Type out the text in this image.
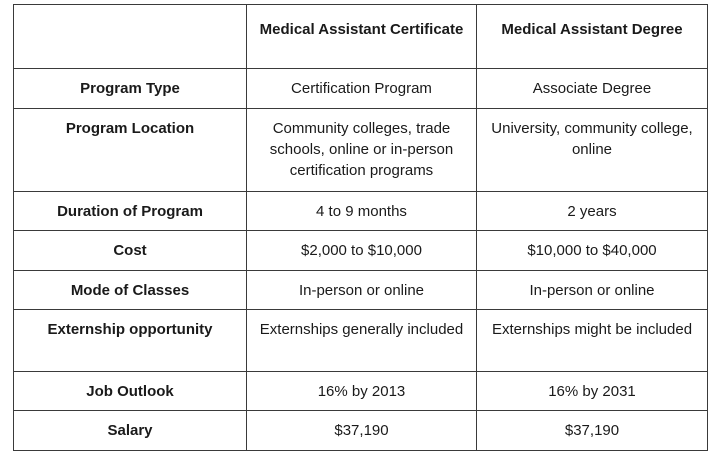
	Medical Assistant Certificate	Medical Assistant Degree
Program Type	Certification Program	Associate Degree
Program Location	Community colleges, trade schools, online or in-person certification programs	University, community college, online
Duration of Program	4 to 9 months	2 years
Cost	$2,000 to $10,000	$10,000 to $40,000
Mode of Classes	In-person or online	In-person or online
Externship opportunity	Externships generally included	Externships might be included
Job Outlook	16% by 2013	16% by 2031
Salary	$37,190	$37,190
